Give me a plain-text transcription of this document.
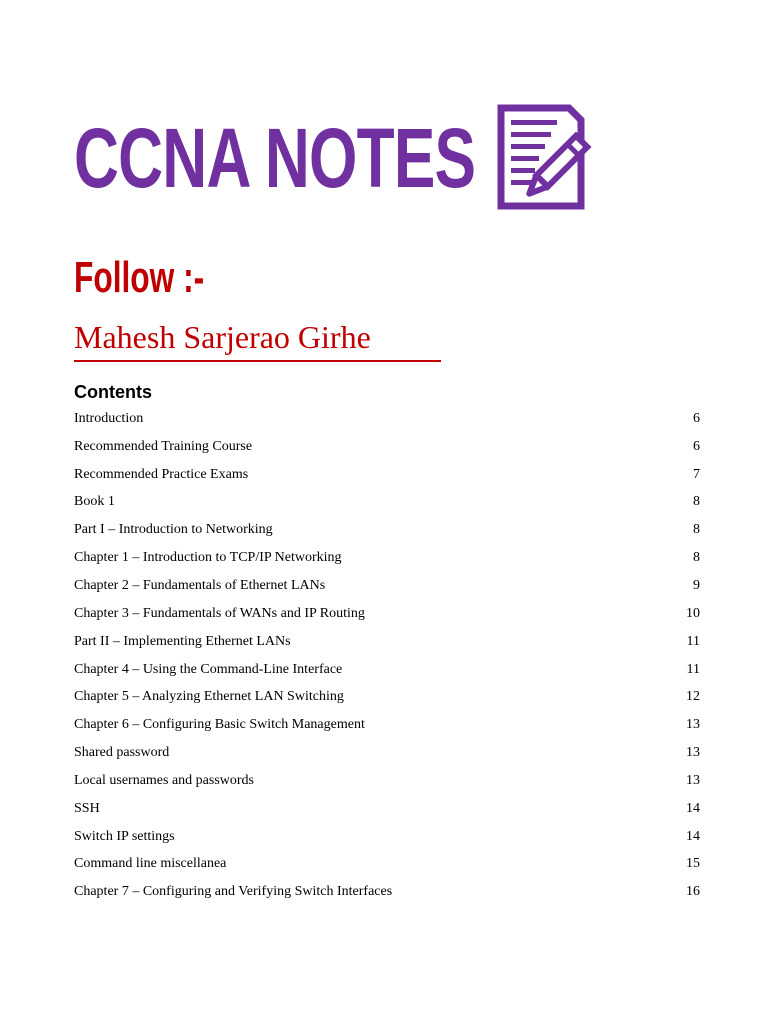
CCNA NOTES
Follow :-
Mahesh Sarjerao Girhe
Contents
Introduction	6
Recommended Training Course	6
Recommended Practice Exams	7
Book 1	8
Part I – Introduction to Networking	8
Chapter 1 – Introduction to TCP/IP Networking	8
Chapter 2 – Fundamentals of Ethernet LANs	9
Chapter 3 – Fundamentals of WANs and IP Routing	10
Part II – Implementing Ethernet LANs	11
Chapter 4 – Using the Command-Line Interface	11
Chapter 5 – Analyzing Ethernet LAN Switching	12
Chapter 6 – Configuring Basic Switch Management	13
Shared password	13
Local usernames and passwords	13
SSH	14
Switch IP settings	14
Command line miscellanea	15
Chapter 7 – Configuring and Verifying Switch Interfaces	16
